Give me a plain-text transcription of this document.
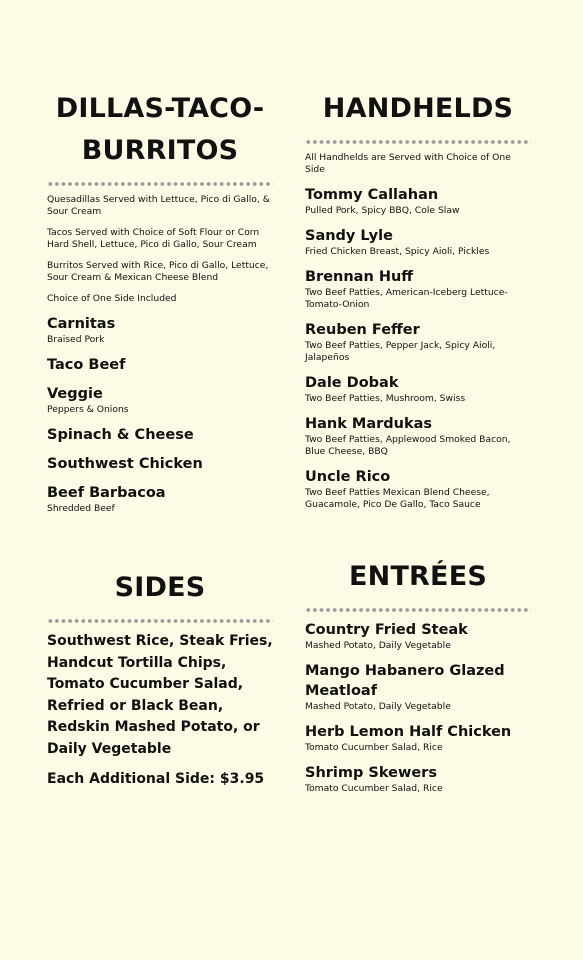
DILLAS-TACO-BURRITOS

Quesadillas Served with Lettuce, Pico di Gallo, & Sour Cream

Tacos Served with Choice of Soft Flour or Corn Hard Shell, Lettuce, Pico di Gallo, Sour Cream

Burritos Served with Rice, Pico di Gallo, Lettuce, Sour Cream & Mexican Cheese Blend

Choice of One Side Included

Carnitas
Braised Pork
Taco Beef
Veggie
Peppers & Onions
Spinach & Cheese
Southwest Chicken
Beef Barbacoa
Shredded Beef
HANDHELDS

All Handhelds are Served with Choice of One Side

Tommy Callahan
Pulled Pork, Spicy BBQ, Cole Slaw
Sandy Lyle
Fried Chicken Breast, Spicy Aioli, Pickles
Brennan Huff
Two Beef Patties, American-Iceberg Lettuce-Tomato-Onion
Reuben Feffer
Two Beef Patties, Pepper Jack, Spicy Aioli, Jalapeños
Dale Dobak
Two Beef Patties, Mushroom, Swiss
Hank Mardukas
Two Beef Patties, Applewood Smoked Bacon, Blue Cheese, BBQ
Uncle Rico
Two Beef Patties Mexican Blend Cheese, Guacamole, Pico De Gallo, Taco Sauce
SIDES

Southwest Rice, Steak Fries, Handcut Tortilla Chips, Tomato Cucumber Salad, Refried or Black Bean, Redskin Mashed Potato, or Daily Vegetable

Each Additional Side: $3.95
ENTRÉES
Country Fried Steak
Mashed Potato, Daily Vegetable
Mango Habanero Glazed Meatloaf
Mashed Potato, Daily Vegetable
Herb Lemon Half Chicken
Tomato Cucumber Salad, Rice
Shrimp Skewers
Tomato Cucumber Salad, Rice
